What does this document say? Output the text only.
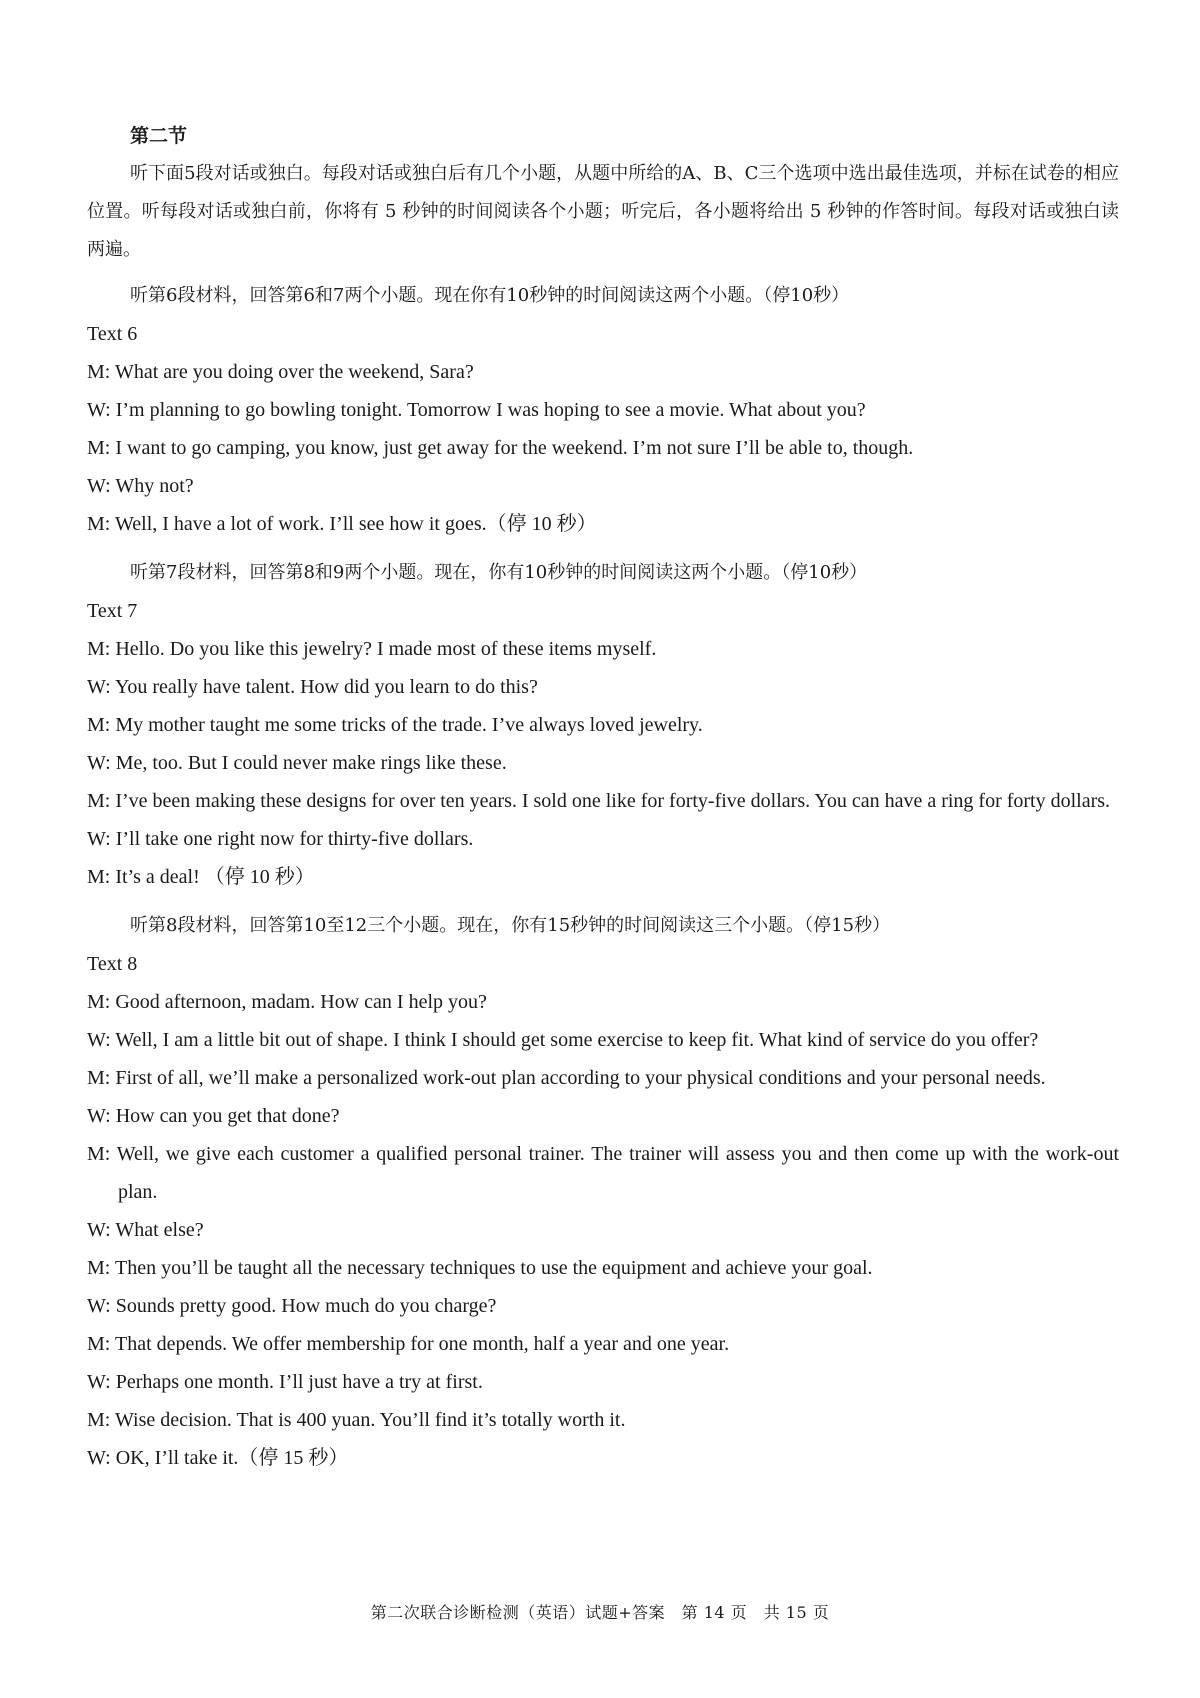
第二节

听下面5段对话或独白。每段对话或独白后有几个小题，从题中所给的A、B、C三个选项中选出最佳选项，并标在试卷的相应位置。听每段对话或独白前，你将有 5 秒钟的时间阅读各个小题；听完后，各小题将给出 5 秒钟的作答时间。每段对话或独白读两遍。

听第6段材料，回答第6和7两个小题。现在你有10秒钟的时间阅读这两个小题。（停10秒）

Text 6
M: What are you doing over the weekend, Sara?
W: I’m planning to go bowling tonight. Tomorrow I was hoping to see a movie. What about you?
M: I want to go camping, you know, just get away for the weekend. I’m not sure I’ll be able to, though.
W: Why not?
M: Well, I have a lot of work. I’ll see how it goes.（停 10 秒）

听第7段材料，回答第8和9两个小题。现在，你有10秒钟的时间阅读这两个小题。（停10秒）

Text 7
M: Hello. Do you like this jewelry? I made most of these items myself.
W: You really have talent. How did you learn to do this?
M: My mother taught me some tricks of the trade. I’ve always loved jewelry.
W: Me, too. But I could never make rings like these.
M: I’ve been making these designs for over ten years. I sold one like for forty-five dollars. You can have a ring for forty dollars.
W: I’ll take one right now for thirty-five dollars.
M: It’s a deal! （停 10 秒）

听第8段材料，回答第10至12三个小题。现在，你有15秒钟的时间阅读这三个小题。（停15秒）

Text 8
M: Good afternoon, madam. How can I help you?
W: Well, I am a little bit out of shape. I think I should get some exercise to keep fit. What kind of service do you offer?
M: First of all, we’ll make a personalized work-out plan according to your physical conditions and your personal needs.
W: How can you get that done?
M: Well, we give each customer a qualified personal trainer. The trainer will assess you and then come up with the work-out plan.
W: What else?
M: Then you’ll be taught all the necessary techniques to use the equipment and achieve your goal.
W: Sounds pretty good. How much do you charge?
M: That depends. We offer membership for one month, half a year and one year.
W: Perhaps one month. I’ll just have a try at first.
M: Wise decision. That is 400 yuan. You’ll find it’s totally worth it.
W: OK, I’ll take it.（停 15 秒）
第二次联合诊断检测（英语）试题+答案　第 14 页　共 15 页
